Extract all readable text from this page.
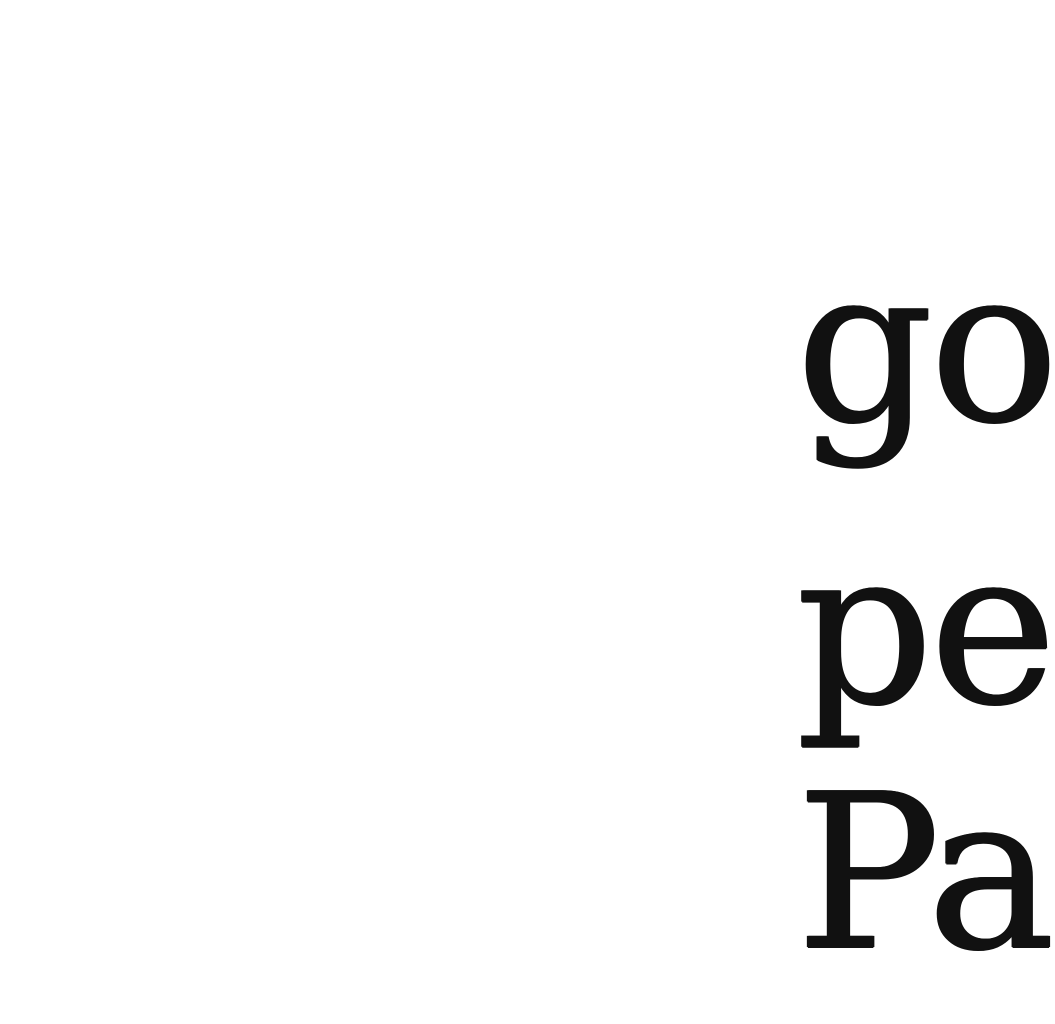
go

pe

Pa
